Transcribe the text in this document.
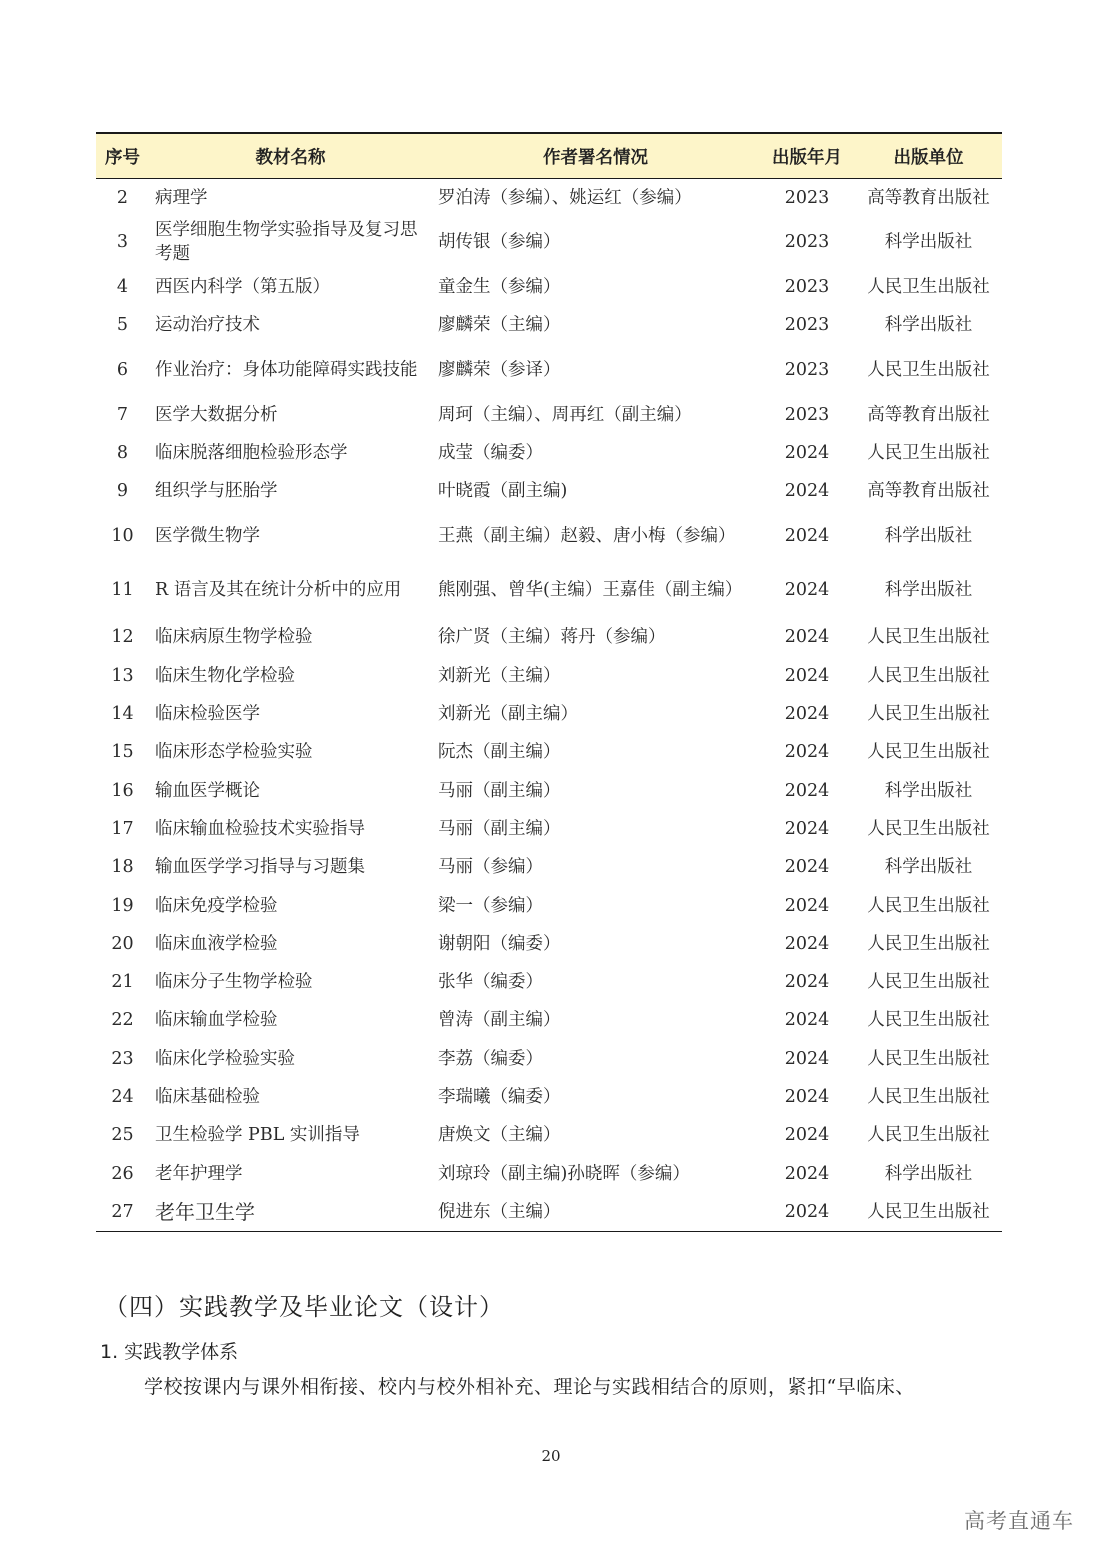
序号	教材名称	作者署名情况	出版年月	出版单位
2	病理学	罗泊涛（参编）、姚运红（参编）	2023	高等教育出版社
3	医学细胞生物学实验指导及复习思考题	胡传银（参编）	2023	科学出版社
4	西医内科学（第五版）	童金生（参编）	2023	人民卫生出版社
5	运动治疗技术	廖麟荣（主编）	2023	科学出版社
6	作业治疗：身体功能障碍实践技能	廖麟荣（参译）	2023	人民卫生出版社
7	医学大数据分析	周珂（主编）、周再红（副主编）	2023	高等教育出版社
8	临床脱落细胞检验形态学	成莹（编委）	2024	人民卫生出版社
9	组织学与胚胎学	叶晓霞（副主编)	2024	高等教育出版社
10	医学微生物学	王燕（副主编）赵毅、唐小梅（参编）	2024	科学出版社
11	R 语言及其在统计分析中的应用	熊刚强、曾华(主编）王嘉佳（副主编）	2024	科学出版社
12	临床病原生物学检验	徐广贤（主编）蒋丹（参编）	2024	人民卫生出版社
13	临床生物化学检验	刘新光（主编）	2024	人民卫生出版社
14	临床检验医学	刘新光（副主编）	2024	人民卫生出版社
15	临床形态学检验实验	阮杰（副主编）	2024	人民卫生出版社
16	输血医学概论	马丽（副主编）	2024	科学出版社
17	临床输血检验技术实验指导	马丽（副主编）	2024	人民卫生出版社
18	输血医学学习指导与习题集	马丽（参编）	2024	科学出版社
19	临床免疫学检验	梁一（参编）	2024	人民卫生出版社
20	临床血液学检验	谢朝阳（编委）	2024	人民卫生出版社
21	临床分子生物学检验	张华（编委）	2024	人民卫生出版社
22	临床输血学检验	曾涛（副主编）	2024	人民卫生出版社
23	临床化学检验实验	李荔（编委）	2024	人民卫生出版社
24	临床基础检验	李瑞曦（编委）	2024	人民卫生出版社
25	卫生检验学 PBL 实训指导	唐焕文（主编）	2024	人民卫生出版社
26	老年护理学	刘琼玲（副主编)孙晓晖（参编）	2024	科学出版社
27	老年卫生学	倪进东（主编）	2024	人民卫生出版社
（四）实践教学及毕业论文（设计）
1. 实践教学体系
学校按课内与课外相衔接、校内与校外相补充、理论与实践相结合的原则，紧扣“早临床、
20
高考直通车
